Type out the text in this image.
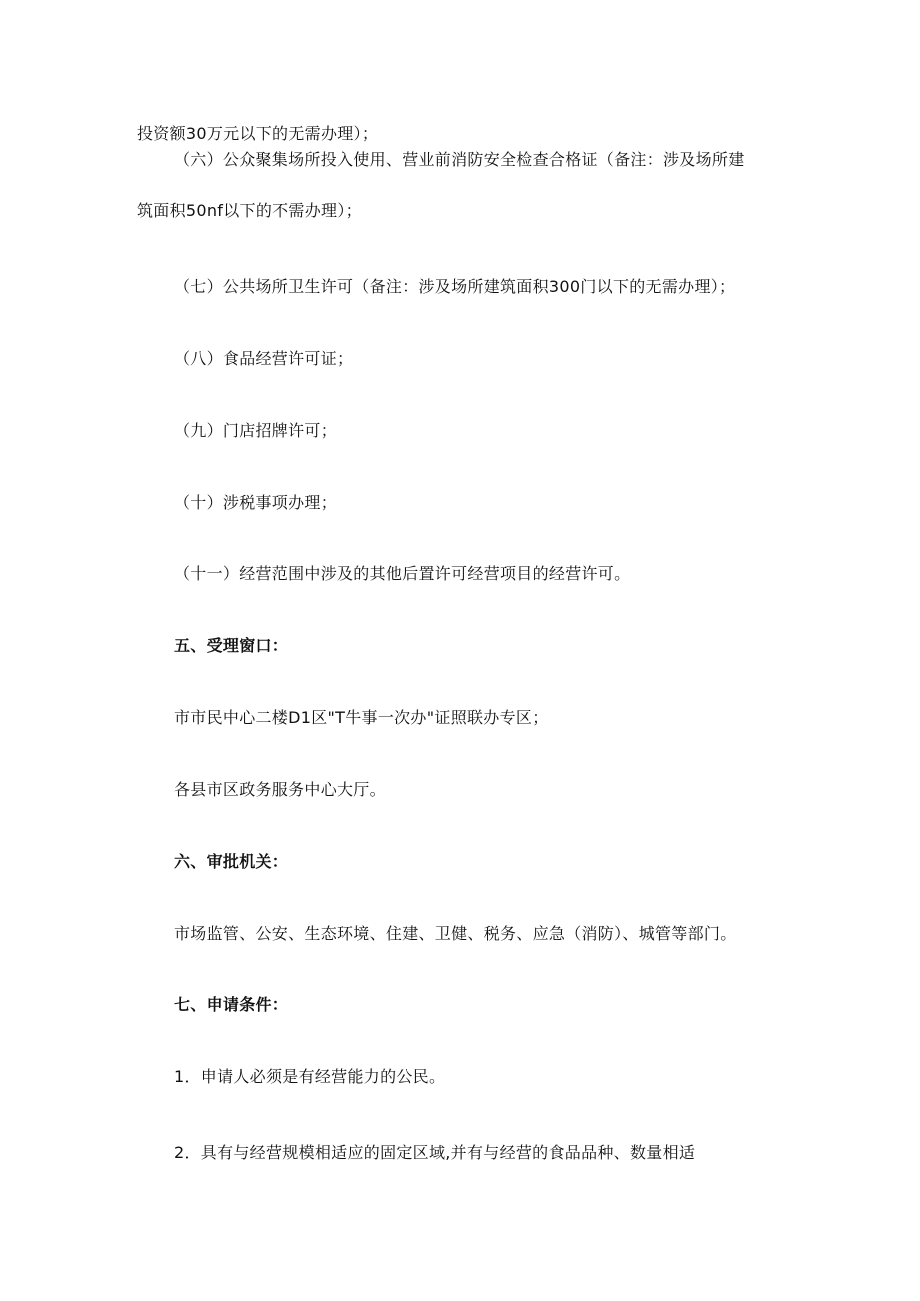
投资额30万元以下的无需办理）；
（六）公众聚集场所投入使用、营业前消防安全检查合格证（备注：涉及场所建
筑面积50nf以下的不需办理）；
（七）公共场所卫生许可（备注：涉及场所建筑面积300门以下的无需办理）；
（八）食品经营许可证；
（九）门店招牌许可；
（十）涉税事项办理；
（十一）经营范围中涉及的其他后置许可经营项目的经营许可。
五、受理窗口：
市市民中心二楼D1区"T牛事一次办"证照联办专区；
各县市区政务服务中心大厅。
六、审批机关：
市场监管、公安、生态环境、住建、卫健、税务、应急（消防）、城管等部门。
七、申请条件：
1．申请人必须是有经营能力的公民。
2．具有与经营规模相适应的固定区域,并有与经营的食品品种、数量相适
